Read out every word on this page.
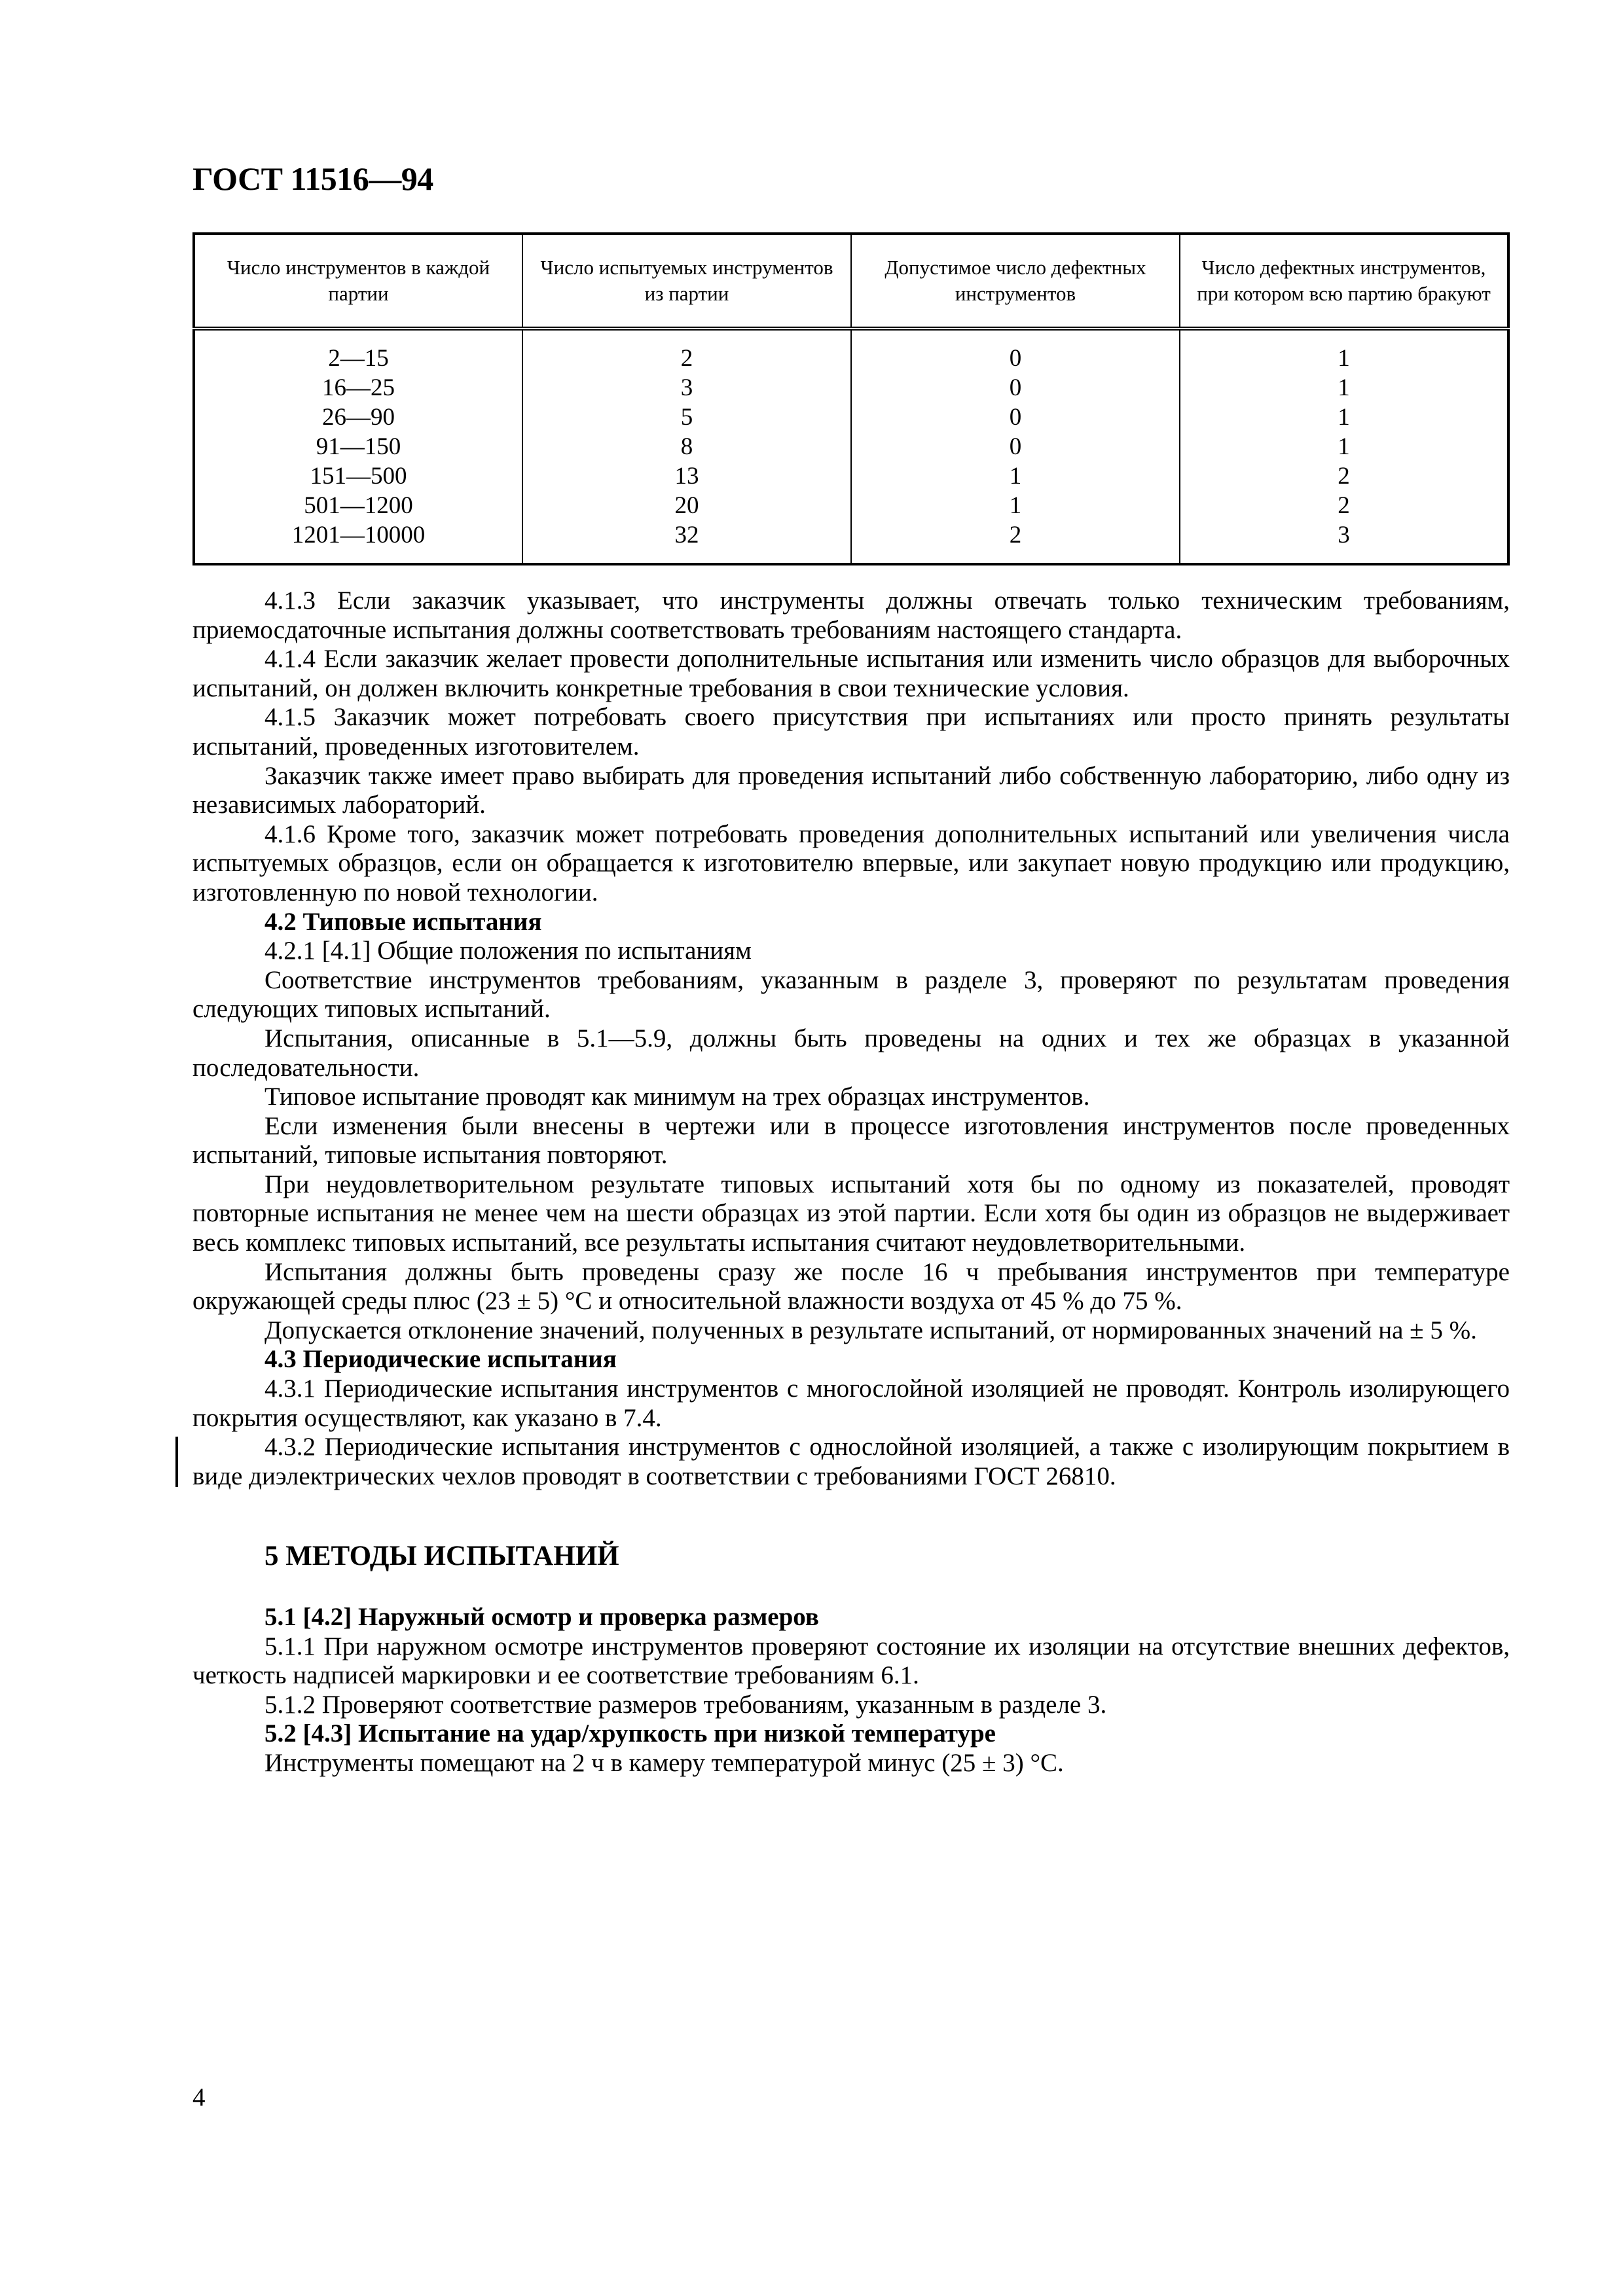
ГОСТ 11516—94
Число инструментов в каждой партии	Число испытуемых инструментов из партии	Допустимое число дефектных инструментов	Число дефектных инструментов, при котором всю партию бракуют
2—15	2	0	1
16—25	3	0	1
26—90	5	0	1
91—150	8	0	1
151—500	13	1	2
501—1200	20	1	2
1201—10000	32	2	3

4.1.3 Если заказчик указывает, что инструменты должны отвечать только техническим требованиям, приемосдаточные испытания должны соответствовать требованиям настоящего стандарта.

4.1.4 Если заказчик желает провести дополнительные испытания или изменить число образцов для выборочных испытаний, он должен включить конкретные требования в свои технические условия.

4.1.5 Заказчик может потребовать своего присутствия при испытаниях или просто принять результаты испытаний, проведенных изготовителем.

Заказчик также имеет право выбирать для проведения испытаний либо собственную лабораторию, либо одну из независимых лабораторий.

4.1.6 Кроме того, заказчик может потребовать проведения дополнительных испытаний или увеличения числа испытуемых образцов, если он обращается к изготовителю впервые, или закупает новую продукцию или продукцию, изготовленную по новой технологии.

4.2 Типовые испытания

4.2.1 [4.1] Общие положения по испытаниям

Соответствие инструментов требованиям, указанным в разделе 3, проверяют по результатам проведения следующих типовых испытаний.

Испытания, описанные в 5.1—5.9, должны быть проведены на одних и тех же образцах в указанной последовательности.

Типовое испытание проводят как минимум на трех образцах инструментов.

Если изменения были внесены в чертежи или в процессе изготовления инструментов после проведенных испытаний, типовые испытания повторяют.

При неудовлетворительном результате типовых испытаний хотя бы по одному из показателей, проводят повторные испытания не менее чем на шести образцах из этой партии. Если хотя бы один из образцов не выдерживает весь комплекс типовых испытаний, все результаты испытания считают неудовлетворительными.

Испытания должны быть проведены сразу же после 16 ч пребывания инструментов при температуре окружающей среды плюс (23 ± 5) °С и относительной влажности воздуха от 45 % до 75 %.

Допускается отклонение значений, полученных в результате испытаний, от нормированных значений на ± 5 %.

4.3 Периодические испытания

4.3.1 Периодические испытания инструментов с многослойной изоляцией не проводят. Контроль изолирующего покрытия осуществляют, как указано в 7.4.

4.3.2 Периодические испытания инструментов с однослойной изоляцией, а также с изолирующим покрытием в виде диэлектрических чехлов проводят в соответствии с требованиями ГОСТ 26810.

5 МЕТОДЫ ИСПЫТАНИЙ

5.1 [4.2] Наружный осмотр и проверка размеров

5.1.1 При наружном осмотре инструментов проверяют состояние их изоляции на отсутствие внешних дефектов, четкость надписей маркировки и ее соответствие требованиям 6.1.

5.1.2 Проверяют соответствие размеров требованиям, указанным в разделе 3.

5.2 [4.3] Испытание на удар/хрупкость при низкой температуре

Инструменты помещают на 2 ч в камеру температурой минус (25 ± 3) °С.

4
